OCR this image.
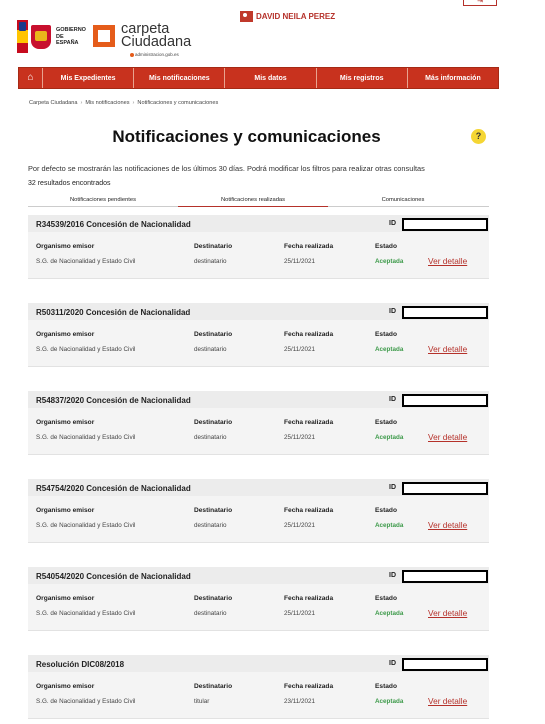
GOBIERNO
DE ESPAÑA
carpeta
Ciudadana
administracion.gob.es
DAVID NEILA PEREZ
⇥
⌂	Mis Expedientes	Mis notificaciones	Mis datos	Mis registros	Más información
Carpeta Ciudadana › Mis notificaciones › Notificaciones y comunicaciones
Notificaciones y comunicaciones	?

Por defecto se mostrarán las notificaciones de los últimos 30 días. Podrá modificar los filtros para realizar otras consultas

32 resultados encontrados

Notificaciones pendientes	Notificaciones realizadas	Comunicaciones
R34539/2016 Concesión de Nacionalidad	ID
Organismo emisor	Destinatario	Fecha realizada	Estado
S.G. de Nacionalidad y Estado Civil	destinatario	25/11/2021	Aceptada	Ver detalle
R50311/2020 Concesión de Nacionalidad	ID
Organismo emisor	Destinatario	Fecha realizada	Estado
S.G. de Nacionalidad y Estado Civil	destinatario	25/11/2021	Aceptada	Ver detalle
R54837/2020 Concesión de Nacionalidad	ID
Organismo emisor	Destinatario	Fecha realizada	Estado
S.G. de Nacionalidad y Estado Civil	destinatario	25/11/2021	Aceptada	Ver detalle
R54754/2020 Concesión de Nacionalidad	ID
Organismo emisor	Destinatario	Fecha realizada	Estado
S.G. de Nacionalidad y Estado Civil	destinatario	25/11/2021	Aceptada	Ver detalle
R54054/2020 Concesión de Nacionalidad	ID
Organismo emisor	Destinatario	Fecha realizada	Estado
S.G. de Nacionalidad y Estado Civil	destinatario	25/11/2021	Aceptada	Ver detalle
Resolución DIC08/2018	ID
Organismo emisor	Destinatario	Fecha realizada	Estado
S.G. de Nacionalidad y Estado Civil	titular	23/11/2021	Aceptada	Ver detalle
